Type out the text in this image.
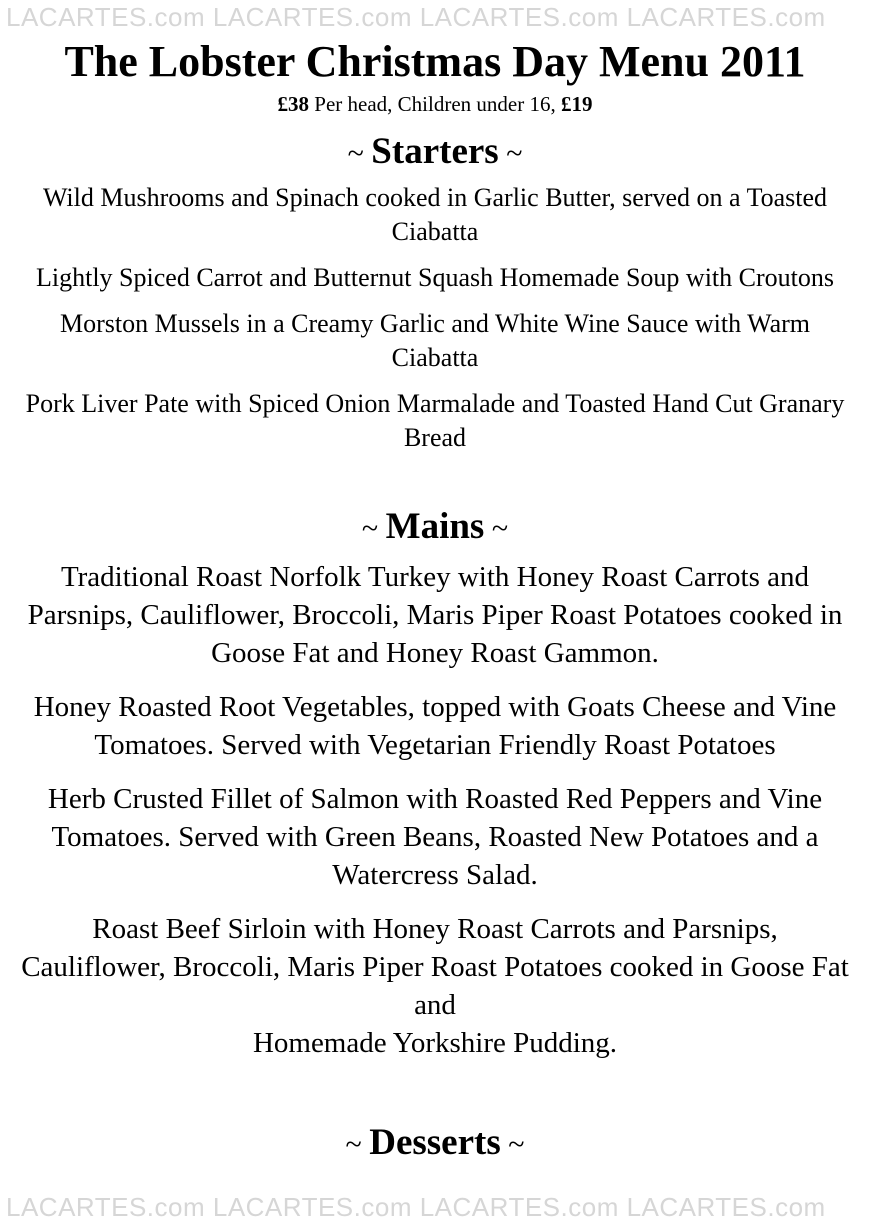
LACARTES.com LACARTES.com LACARTES.com LACARTES.com
The Lobster Christmas Day Menu 2011
£38 Per head, Children under 16, £19
~ Starters ~

Wild Mushrooms and Spinach cooked in Garlic Butter, served on a Toasted Ciabatta

Lightly Spiced Carrot and Butternut Squash Homemade Soup with Croutons

Morston Mussels in a Creamy Garlic and White Wine Sauce with Warm Ciabatta

Pork Liver Pate with Spiced Onion Marmalade and Toasted Hand Cut Granary Bread

~ Mains ~

Traditional Roast Norfolk Turkey with Honey Roast Carrots and Parsnips, Cauliflower, Broccoli, Maris Piper Roast Potatoes cooked in Goose Fat and Honey Roast Gammon.

Honey Roasted Root Vegetables, topped with Goats Cheese and Vine Tomatoes. Served with Vegetarian Friendly Roast Potatoes

Herb Crusted Fillet of Salmon with Roasted Red Peppers and Vine Tomatoes. Served with Green Beans, Roasted New Potatoes and a Watercress Salad.

Roast Beef Sirloin with Honey Roast Carrots and Parsnips, Cauliflower, Broccoli, Maris Piper Roast Potatoes cooked in Goose Fat and
Homemade Yorkshire Pudding.

~ Desserts ~
LACARTES.com LACARTES.com LACARTES.com LACARTES.com
